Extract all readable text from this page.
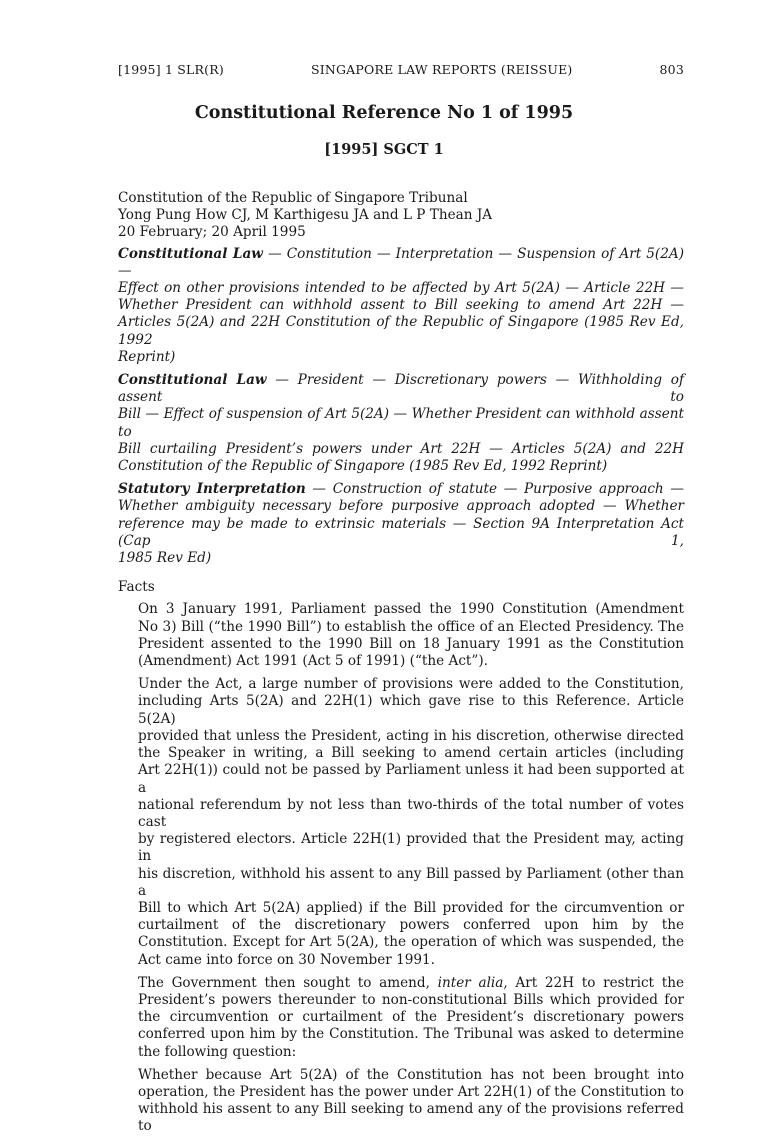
[1995] 1 SLR(R)	SINGAPORE LAW REPORTS (REISSUE)	803
Constitutional Reference No 1 of 1995
[1995] SGCT 1
Constitution of the Republic of Singapore Tribunal
Yong Pung How CJ, M Karthigesu JA and L P Thean JA
20 February; 20 April 1995
Constitutional Law — Constitution — Interpretation — Suspension of Art 5(2A) —
Effect on other provisions intended to be affected by Art 5(2A) — Article 22H —
Whether President can withhold assent to Bill seeking to amend Art 22H —
Articles 5(2A) and 22H Constitution of the Republic of Singapore (1985 Rev Ed, 1992
Reprint)
Constitutional Law — President — Discretionary powers — Withholding of assent to
Bill — Effect of suspension of Art 5(2A) — Whether President can withhold assent to
Bill curtailing President’s powers under Art 22H — Articles 5(2A) and 22H
Constitution of the Republic of Singapore (1985 Rev Ed, 1992 Reprint)
Statutory Interpretation — Construction of statute — Purposive approach —
Whether ambiguity necessary before purposive approach adopted — Whether
reference may be made to extrinsic materials — Section 9A Interpretation Act (Cap 1,
1985 Rev Ed)
Facts
On 3 January 1991, Parliament passed the 1990 Constitution (Amendment
No 3) Bill (“the 1990 Bill”) to establish the office of an Elected Presidency. The
President assented to the 1990 Bill on 18 January 1991 as the Constitution
(Amendment) Act 1991 (Act 5 of 1991) (“the Act”).
Under the Act, a large number of provisions were added to the Constitution,
including Arts 5(2A) and 22H(1) which gave rise to this Reference. Article 5(2A)
provided that unless the President, acting in his discretion, otherwise directed
the Speaker in writing, a Bill seeking to amend certain articles (including
Art 22H(1)) could not be passed by Parliament unless it had been supported at a
national referendum by not less than two-thirds of the total number of votes cast
by registered electors. Article 22H(1) provided that the President may, acting in
his discretion, withhold his assent to any Bill passed by Parliament (other than a
Bill to which Art 5(2A) applied) if the Bill provided for the circumvention or
curtailment of the discretionary powers conferred upon him by the
Constitution. Except for Art 5(2A), the operation of which was suspended, the
Act came into force on 30 November 1991.
The Government then sought to amend, inter alia, Art 22H to restrict the
President’s powers thereunder to non-constitutional Bills which provided for
the circumvention or curtailment of the President’s discretionary powers
conferred upon him by the Constitution. The Tribunal was asked to determine
the following question:
Whether because Art 5(2A) of the Constitution has not been brought into
operation, the President has the power under Art 22H(1) of the Constitution to
withhold his assent to any Bill seeking to amend any of the provisions referred to
